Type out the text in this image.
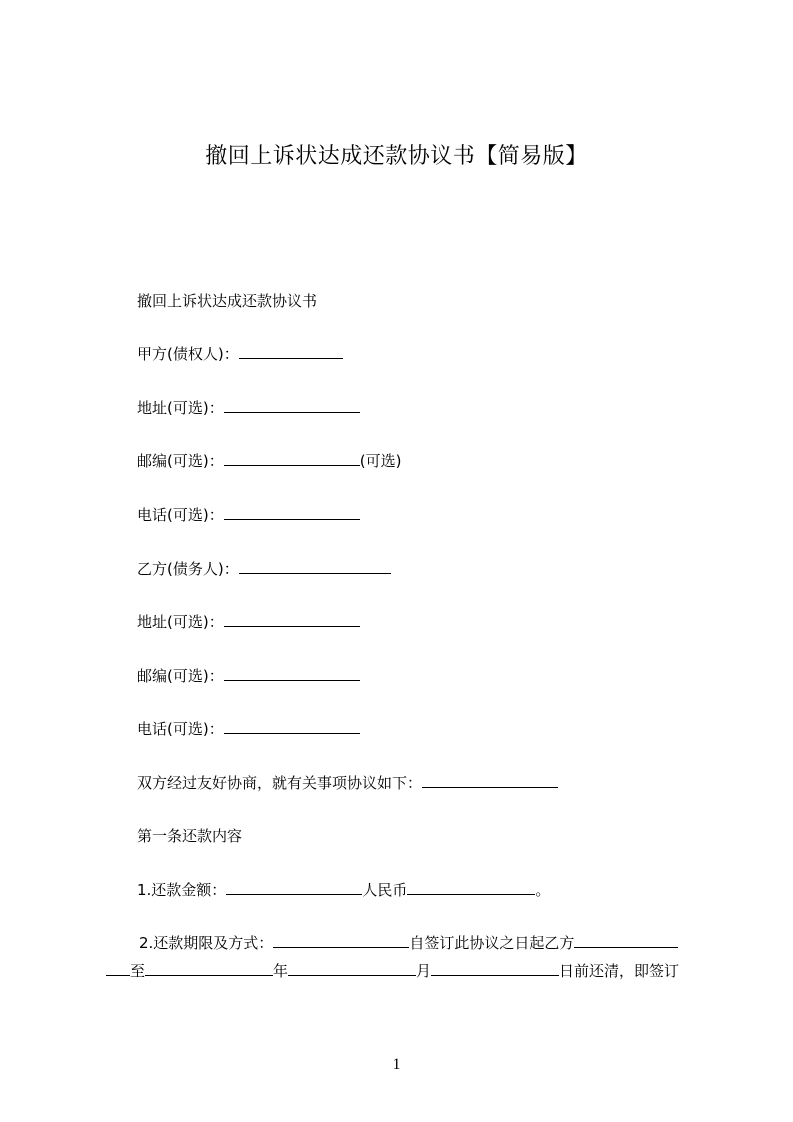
撤回上诉状达成还款协议书【简易版】

撤回上诉状达成还款协议书

甲方(债权人)：

地址(可选)：

邮编(可选)：	(可选)

电话(可选)：

乙方(债务人)：

地址(可选)：

邮编(可选)：

电话(可选)：

双方经过友好协商，就有关事项协议如下：

第一条还款内容

1.还款金额：	人民币	。

2.还款期限及方式：	自签订此协议之日起乙方

至	年	月	日前还清，即签订

1
